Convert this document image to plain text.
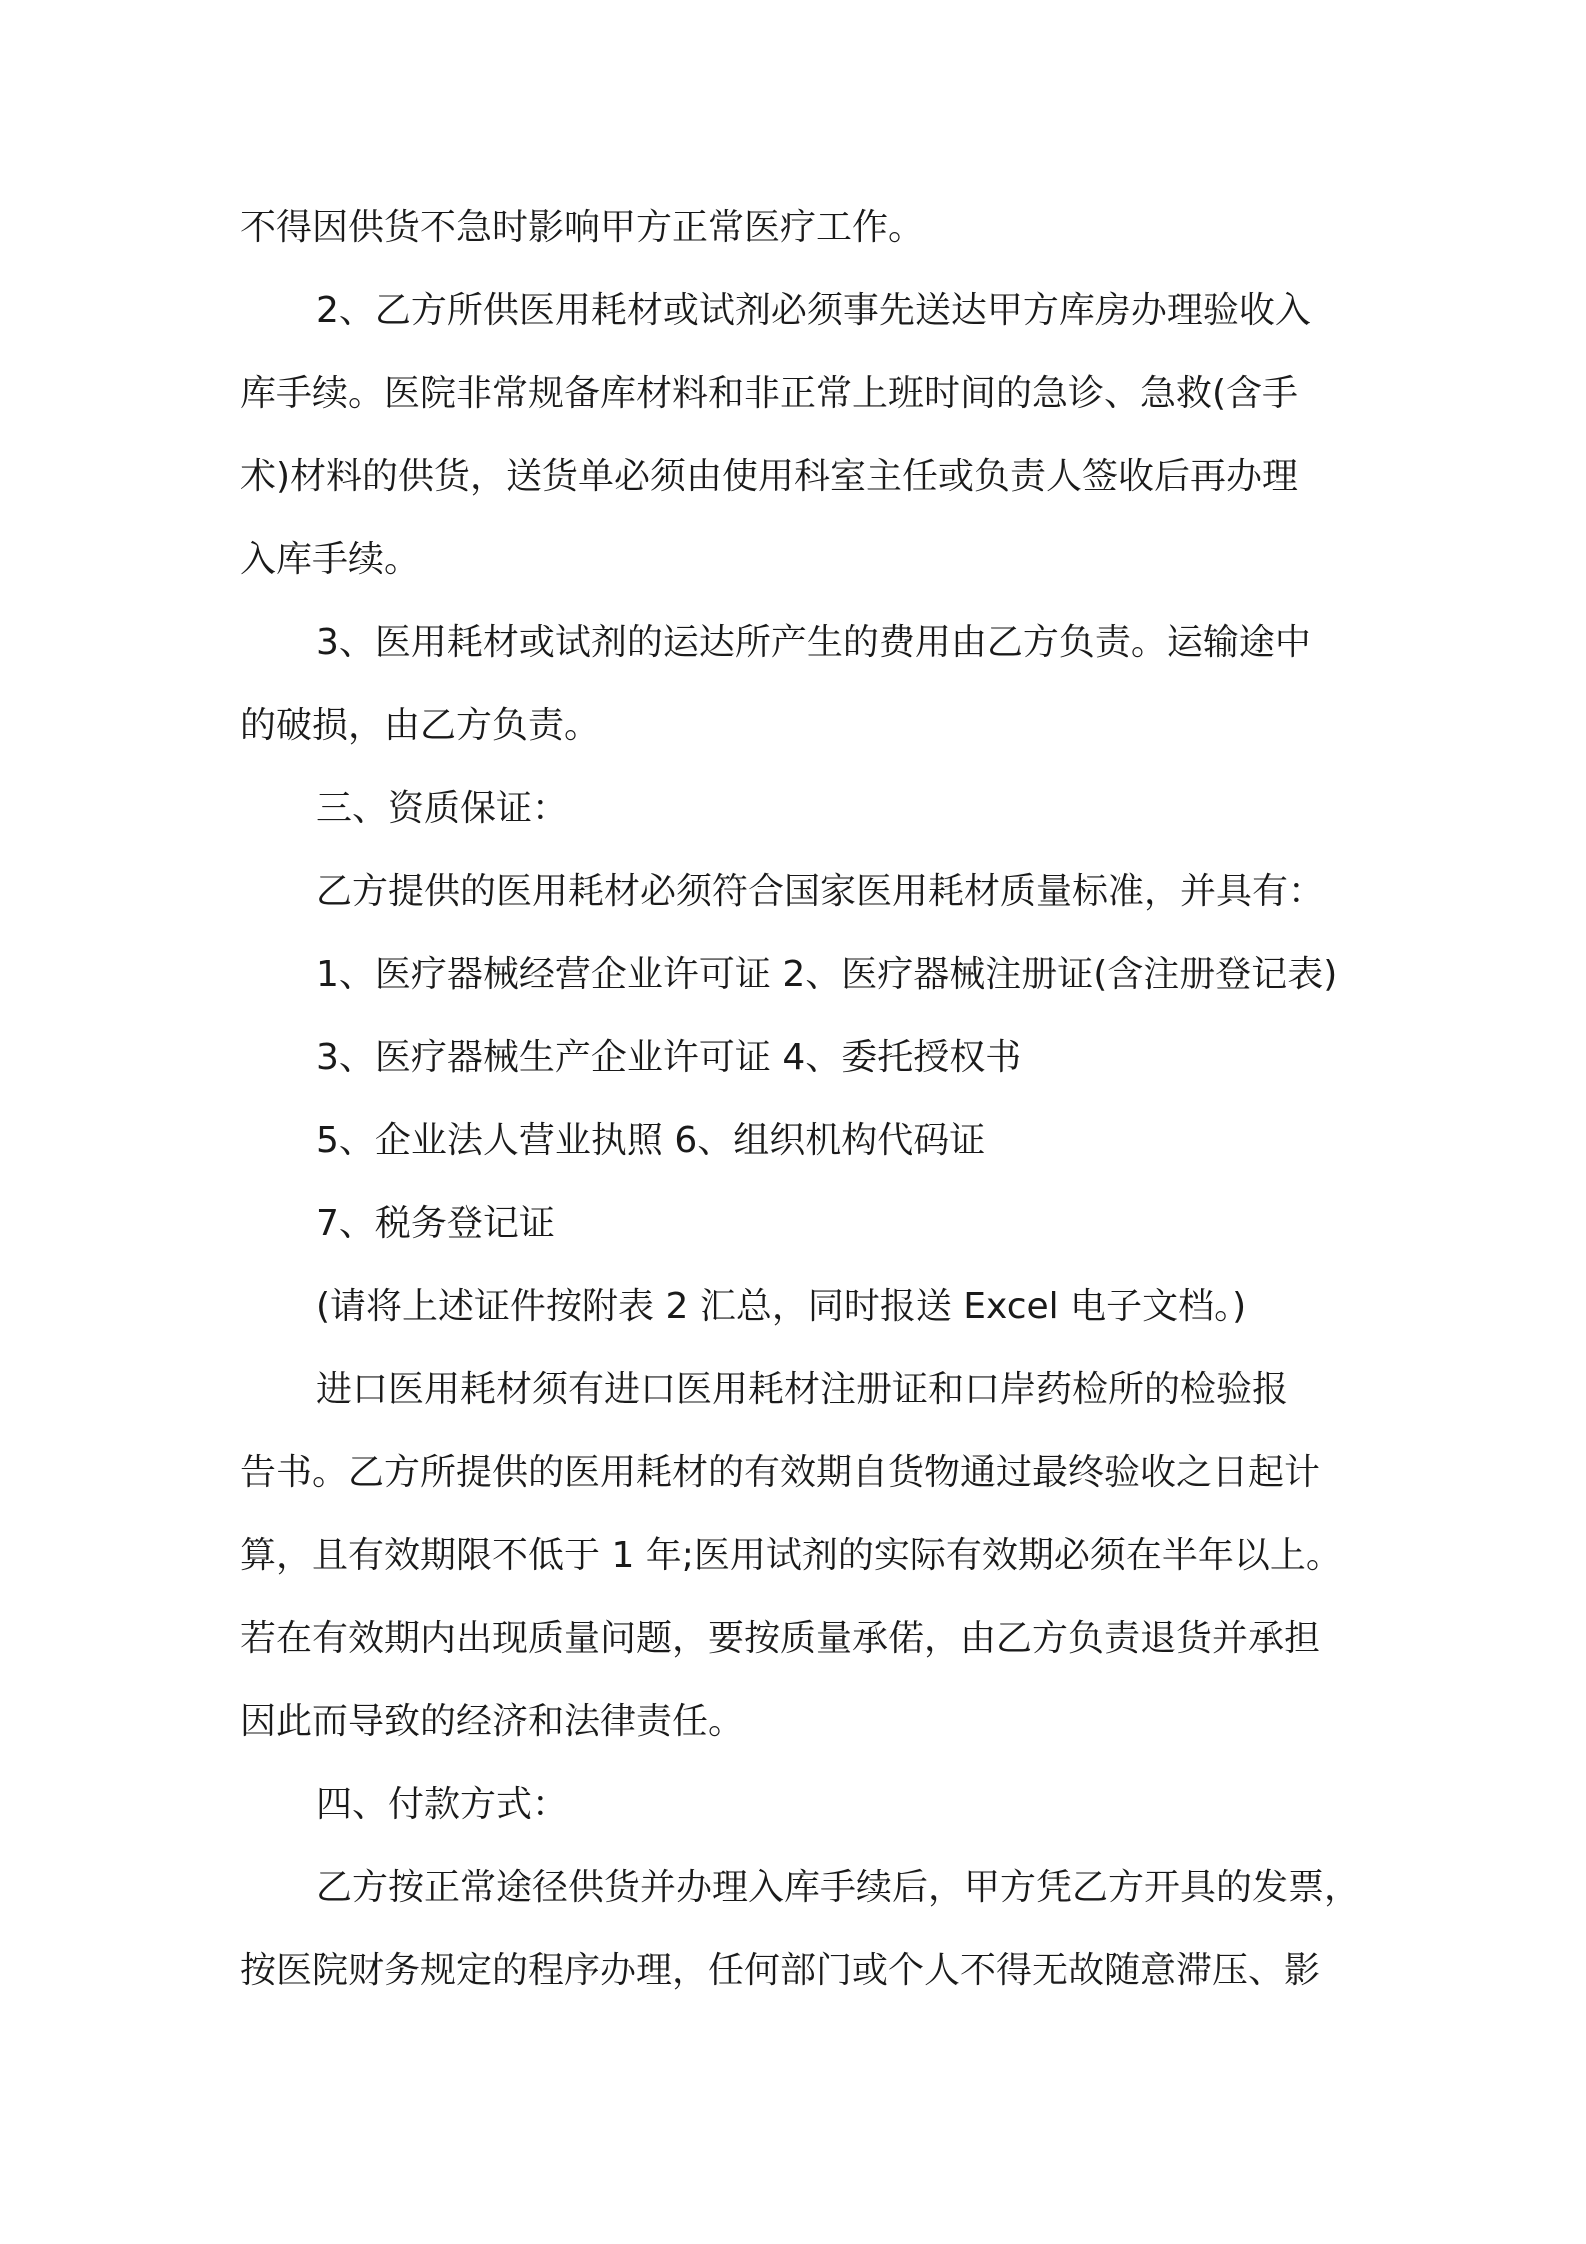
不得因供货不急时影响甲方正常医疗工作。
2、乙方所供医用耗材或试剂必须事先送达甲方库房办理验收入
库手续。医院非常规备库材料和非正常上班时间的急诊、急救(含手
术)材料的供货，送货单必须由使用科室主任或负责人签收后再办理
入库手续。
3、医用耗材或试剂的运达所产生的费用由乙方负责。运输途中
的破损，由乙方负责。
三、资质保证：
乙方提供的医用耗材必须符合国家医用耗材质量标准，并具有：
1、医疗器械经营企业许可证 2、医疗器械注册证(含注册登记表)
3、医疗器械生产企业许可证 4、委托授权书
5、企业法人营业执照 6、组织机构代码证
7、税务登记证
(请将上述证件按附表 2 汇总，同时报送 Excel 电子文档。)
进口医用耗材须有进口医用耗材注册证和口岸药检所的检验报
告书。乙方所提供的医用耗材的有效期自货物通过最终验收之日起计
算，且有效期限不低于 1 年;医用试剂的实际有效期必须在半年以上。
若在有效期内出现质量问题，要按质量承偌，由乙方负责退货并承担
因此而导致的经济和法律责任。
四、付款方式：
乙方按正常途径供货并办理入库手续后，甲方凭乙方开具的发票，
按医院财务规定的程序办理，任何部门或个人不得无故随意滞压、影
